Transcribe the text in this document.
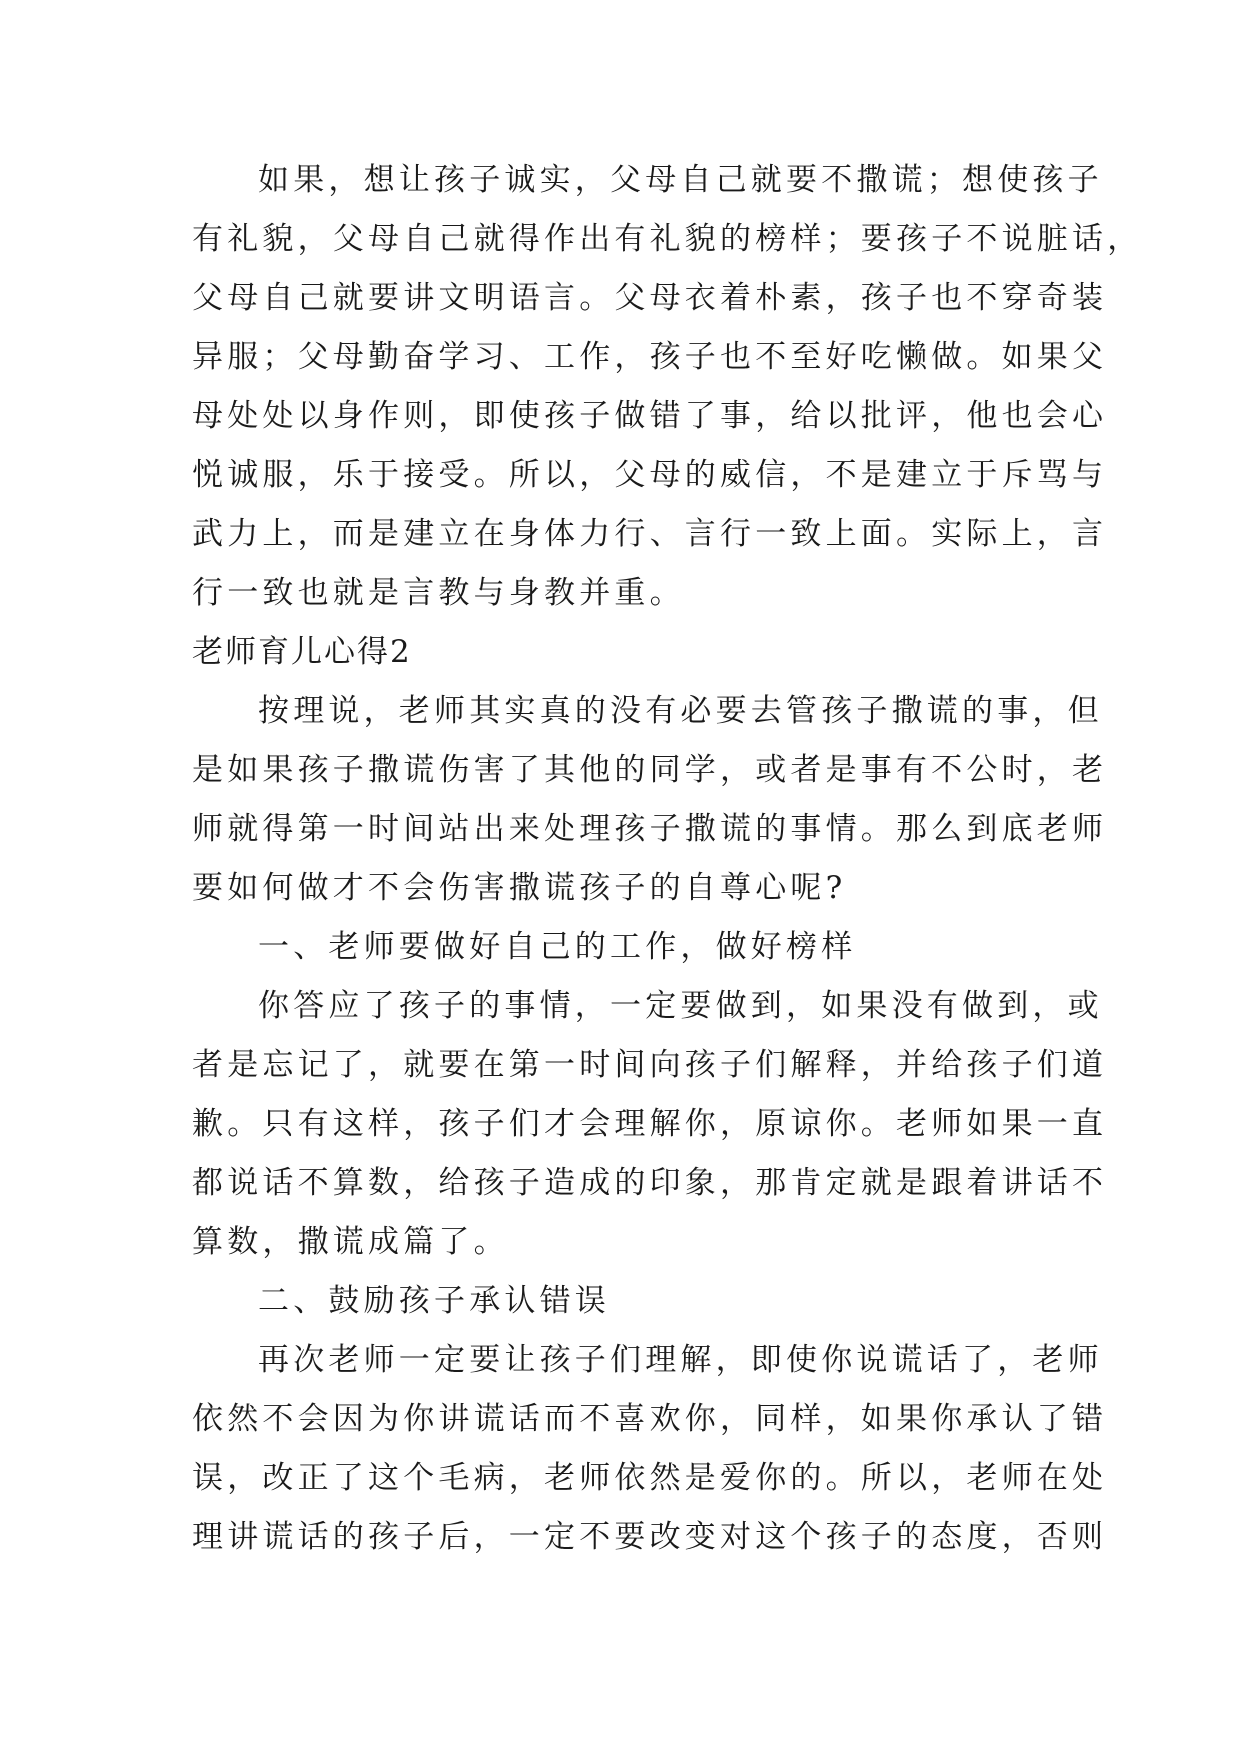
如果，想让孩子诚实，父母自己就要不撒谎；想使孩子
有礼貌，父母自己就得作出有礼貌的榜样；要孩子不说脏话，
父母自己就要讲文明语言。父母衣着朴素，孩子也不穿奇装
异服；父母勤奋学习、工作，孩子也不至好吃懒做。如果父
母处处以身作则，即使孩子做错了事，给以批评，他也会心
悦诚服，乐于接受。所以，父母的威信，不是建立于斥骂与
武力上，而是建立在身体力行、言行一致上面。实际上，言
行一致也就是言教与身教并重。
老师育儿心得2
按理说，老师其实真的没有必要去管孩子撒谎的事，但
是如果孩子撒谎伤害了其他的同学，或者是事有不公时，老
师就得第一时间站出来处理孩子撒谎的事情。那么到底老师
要如何做才不会伤害撒谎孩子的自尊心呢?
一、老师要做好自己的工作，做好榜样
你答应了孩子的事情，一定要做到，如果没有做到，或
者是忘记了，就要在第一时间向孩子们解释，并给孩子们道
歉。只有这样，孩子们才会理解你，原谅你。老师如果一直
都说话不算数，给孩子造成的印象，那肯定就是跟着讲话不
算数，撒谎成篇了。
二、鼓励孩子承认错误
再次老师一定要让孩子们理解，即使你说谎话了，老师
依然不会因为你讲谎话而不喜欢你，同样，如果你承认了错
误，改正了这个毛病，老师依然是爱你的。所以，老师在处
理讲谎话的孩子后，一定不要改变对这个孩子的态度，否则
